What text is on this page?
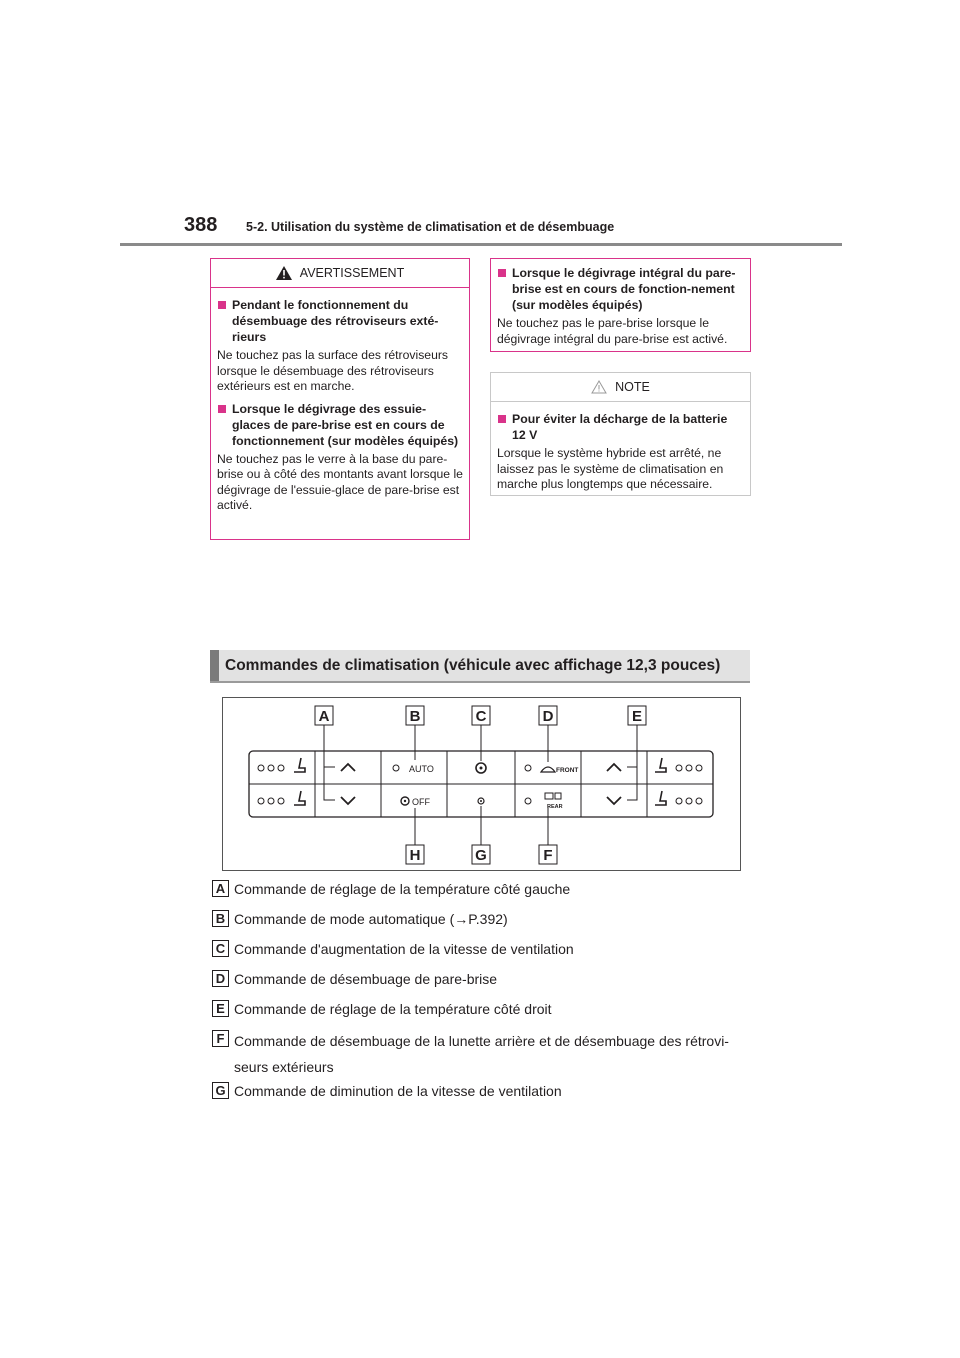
388 5-2. Utilisation du système de climatisation et de désembuage
AVERTISSEMENT
Pendant le fonctionnement du désembuage des rétroviseurs exté-rieurs
Ne touchez pas la surface des rétroviseurs lorsque le désembuage des rétroviseurs extérieurs est en marche.
Lorsque le dégivrage des essuie-glaces de pare-brise est en cours de fonctionnement (sur modèles équipés)
Ne touchez pas le verre à la base du pare-brise ou à côté des montants avant lorsque le dégivrage de l'essuie-glace de pare-brise est activé.
Lorsque le dégivrage intégral du pare-brise est en cours de fonction-nement (sur modèles équipés)
Ne touchez pas le pare-brise lorsque le dégivrage intégral du pare-brise est activé.
NOTE
Pour éviter la décharge de la batterie 12 V
Lorsque le système hybride est arrêté, ne laissez pas le système de climatisation en marche plus longtemps que nécessaire.
Commandes de climatisation (véhicule avec affichage 12,3 pouces)
AUTO
OFF
FRONT
REAR
A	B	C	D	E
H	G	F
A Commande de réglage de la température côté gauche
B Commande de mode automatique (→P.392)
C Commande d'augmentation de la vitesse de ventilation
D Commande de désembuage de pare-brise
E Commande de réglage de la température côté droit
F Commande de désembuage de la lunette arrière et de désembuage des rétrovi-seurs extérieurs
G Commande de diminution de la vitesse de ventilation
